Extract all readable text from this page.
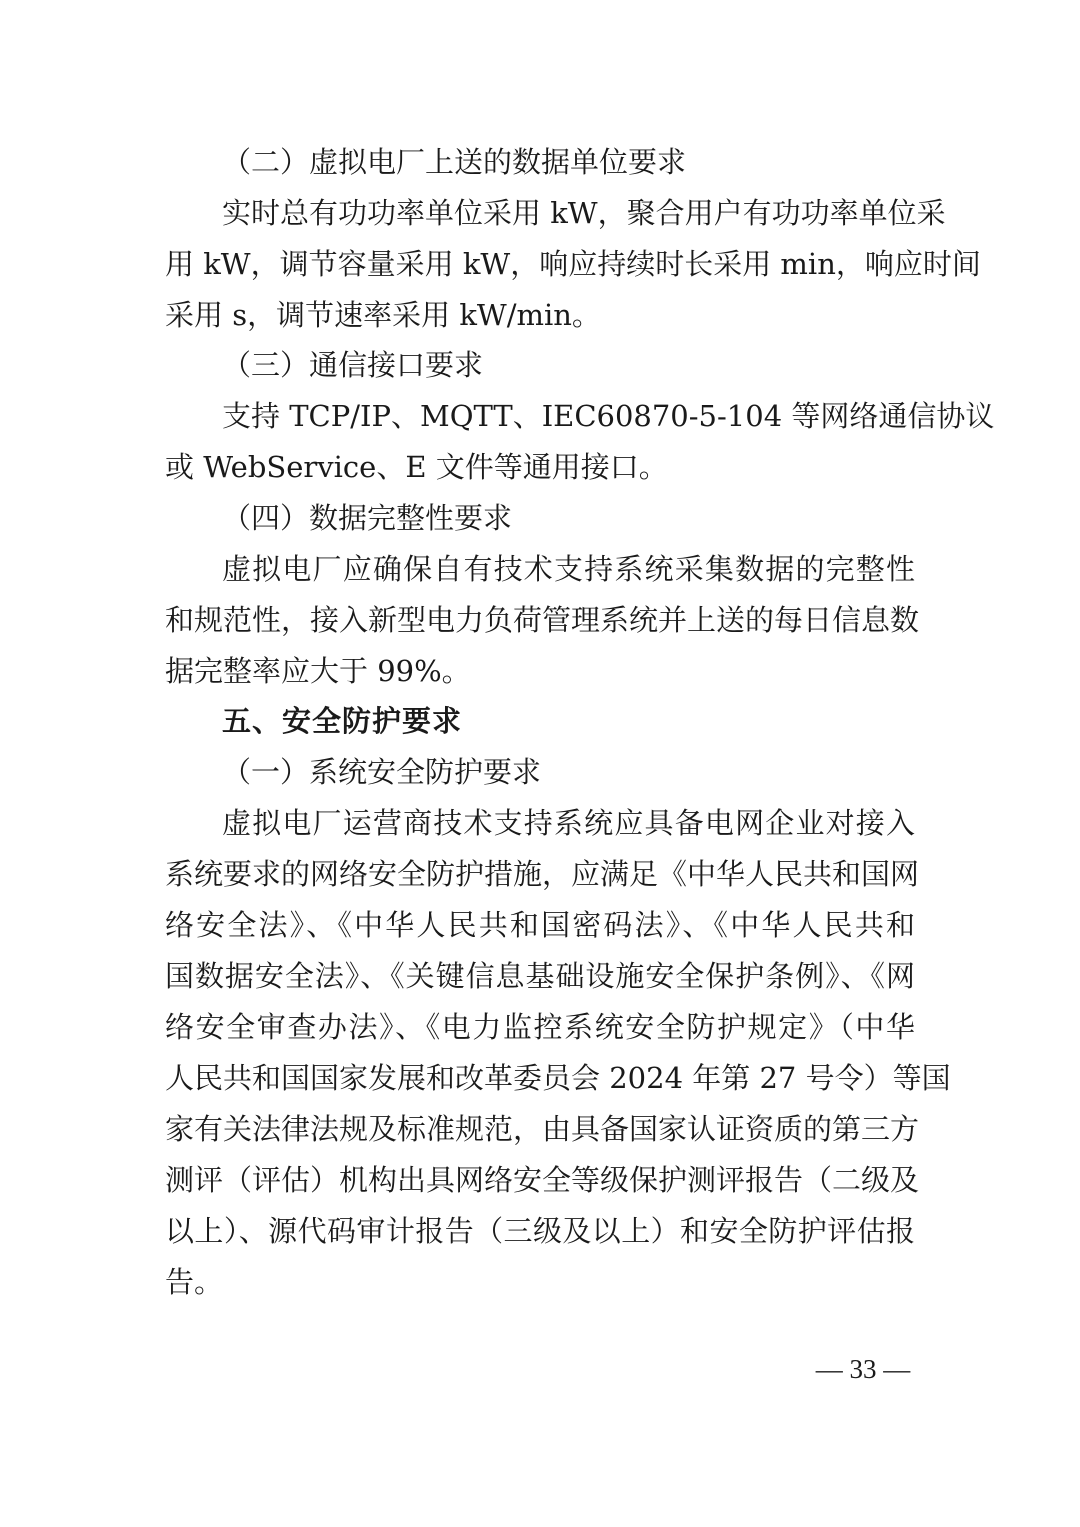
（二）虚拟电厂上送的数据单位要求
实时总有功功率单位采用 kW，聚合用户有功功率单位采
用 kW，调节容量采用 kW，响应持续时长采用 min，响应时间
采用 s，调节速率采用 kW/min。
（三）通信接口要求
支持 TCP/IP、MQTT、IEC60870-5-104 等网络通信协议
或 WebService、E 文件等通用接口。
（四）数据完整性要求
虚拟电厂应确保自有技术支持系统采集数据的完整性
和规范性，接入新型电力负荷管理系统并上送的每日信息数
据完整率应大于 99%。
五、安全防护要求
（一）系统安全防护要求
虚拟电厂运营商技术支持系统应具备电网企业对接入
系统要求的网络安全防护措施，应满足《中华人民共和国网
络安全法》、《中华人民共和国密码法》、《中华人民共和
国数据安全法》、《关键信息基础设施安全保护条例》、《网
络安全审查办法》、《电力监控系统安全防护规定》（中华
人民共和国国家发展和改革委员会 2024 年第 27 号令）等国
家有关法律法规及标准规范，由具备国家认证资质的第三方
测评（评估）机构出具网络安全等级保护测评报告（二级及
以上）、源代码审计报告（三级及以上）和安全防护评估报
告。
— 33 —
